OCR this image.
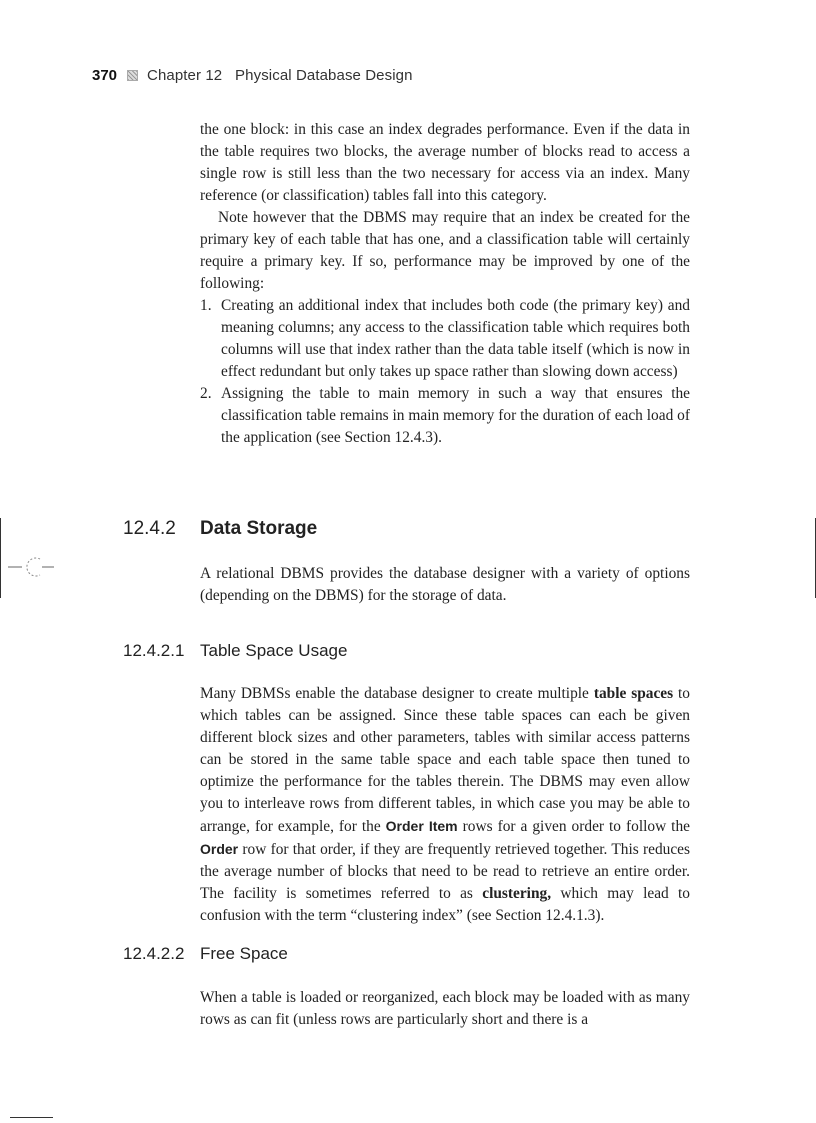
370 Chapter 12   Physical Database Design

the one block: in this case an index degrades performance. Even if the data in the table requires two blocks, the average number of blocks read to access a single row is still less than the two necessary for access via an index. Many reference (or classification) tables fall into this category.

Note however that the DBMS may require that an index be created for the primary key of each table that has one, and a classification table will certainly require a primary key. If so, performance may be improved by one of the following:

1. Creating an additional index that includes both code (the primary key) and meaning columns; any access to the classification table which requires both columns will use that index rather than the data table itself (which is now in effect redundant but only takes up space rather than slowing down access)
2. Assigning the table to main memory in such a way that ensures the classification table remains in main memory for the duration of each load of the application (see Section 12.4.3).
12.4.2	Data Storage

A relational DBMS provides the database designer with a variety of options (depending on the DBMS) for the storage of data.

12.4.2.1 Table Space Usage

Many DBMSs enable the database designer to create multiple table spaces to which tables can be assigned. Since these table spaces can each be given different block sizes and other parameters, tables with similar access patterns can be stored in the same table space and each table space then tuned to optimize the performance for the tables therein. The DBMS may even allow you to interleave rows from different tables, in which case you may be able to arrange, for example, for the Order Item rows for a given order to follow the Order row for that order, if they are frequently retrieved together. This reduces the average number of blocks that need to be read to retrieve an entire order. The facility is sometimes referred to as clustering, which may lead to confusion with the term “clustering index” (see Section 12.4.1.3).

12.4.2.2 Free Space

When a table is loaded or reorganized, each block may be loaded with as many rows as can fit (unless rows are particularly short and there is a
